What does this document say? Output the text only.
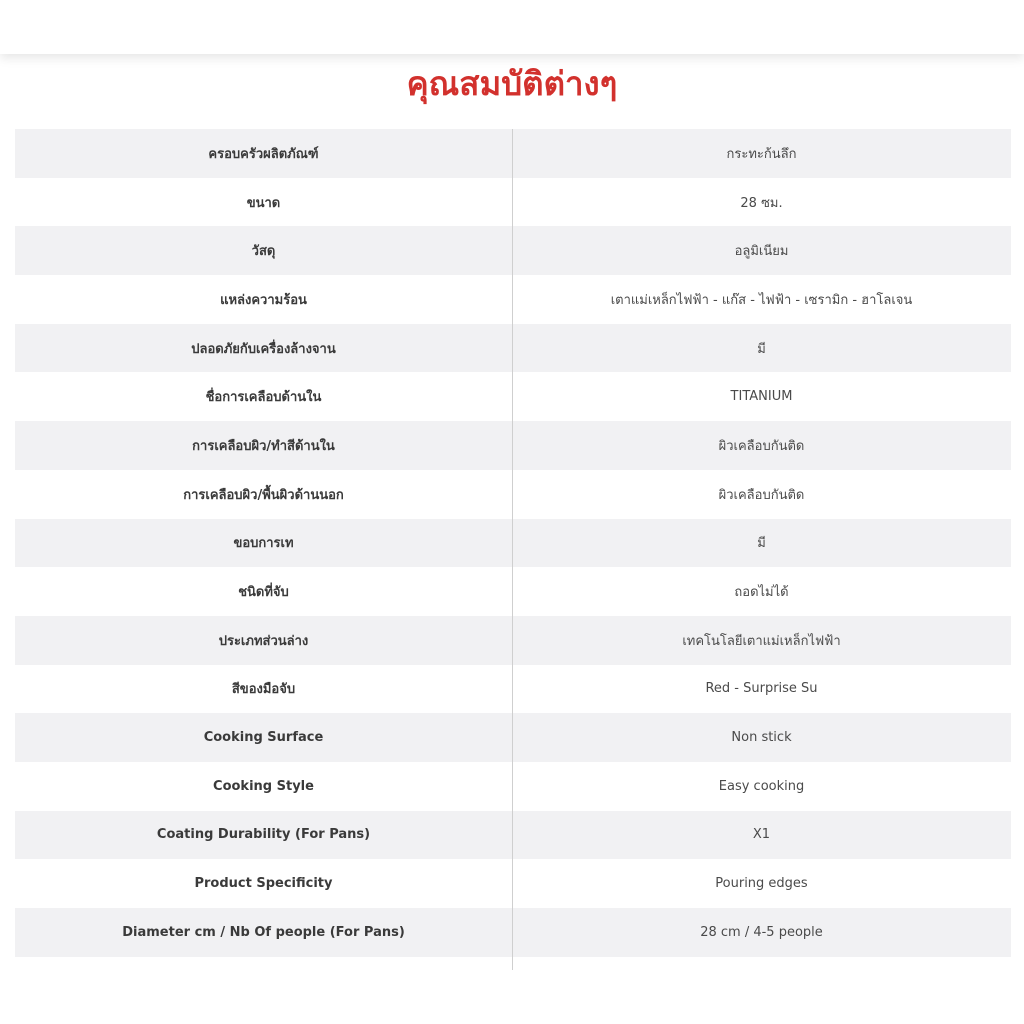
คุณสมบัติต่างๆ
ครอบครัวผลิตภัณฑ์	กระทะก้นลึก
ขนาด	28 ซม.
วัสดุ	อลูมิเนียม
แหล่งความร้อน	เตาแม่เหล็กไฟฟ้า - แก๊ส - ไฟฟ้า - เซรามิก - ฮาโลเจน
ปลอดภัยกับเครื่องล้างจาน	มี
ชื่อการเคลือบด้านใน	TITANIUM
การเคลือบผิว/ทำสีด้านใน	ผิวเคลือบกันติด
การเคลือบผิว/พื้นผิวด้านนอก	ผิวเคลือบกันติด
ขอบการเท	มี
ชนิดที่จับ	ถอดไม่ได้
ประเภทส่วนล่าง	เทคโนโลยีเตาแม่เหล็กไฟฟ้า
สีของมือจับ	Red - Surprise Su
Cooking Surface	Non stick
Cooking Style	Easy cooking
Coating Durability (For Pans)	X1
Product Specificity	Pouring edges
Diameter cm / Nb Of people (For Pans)	28 cm / 4-5 people
